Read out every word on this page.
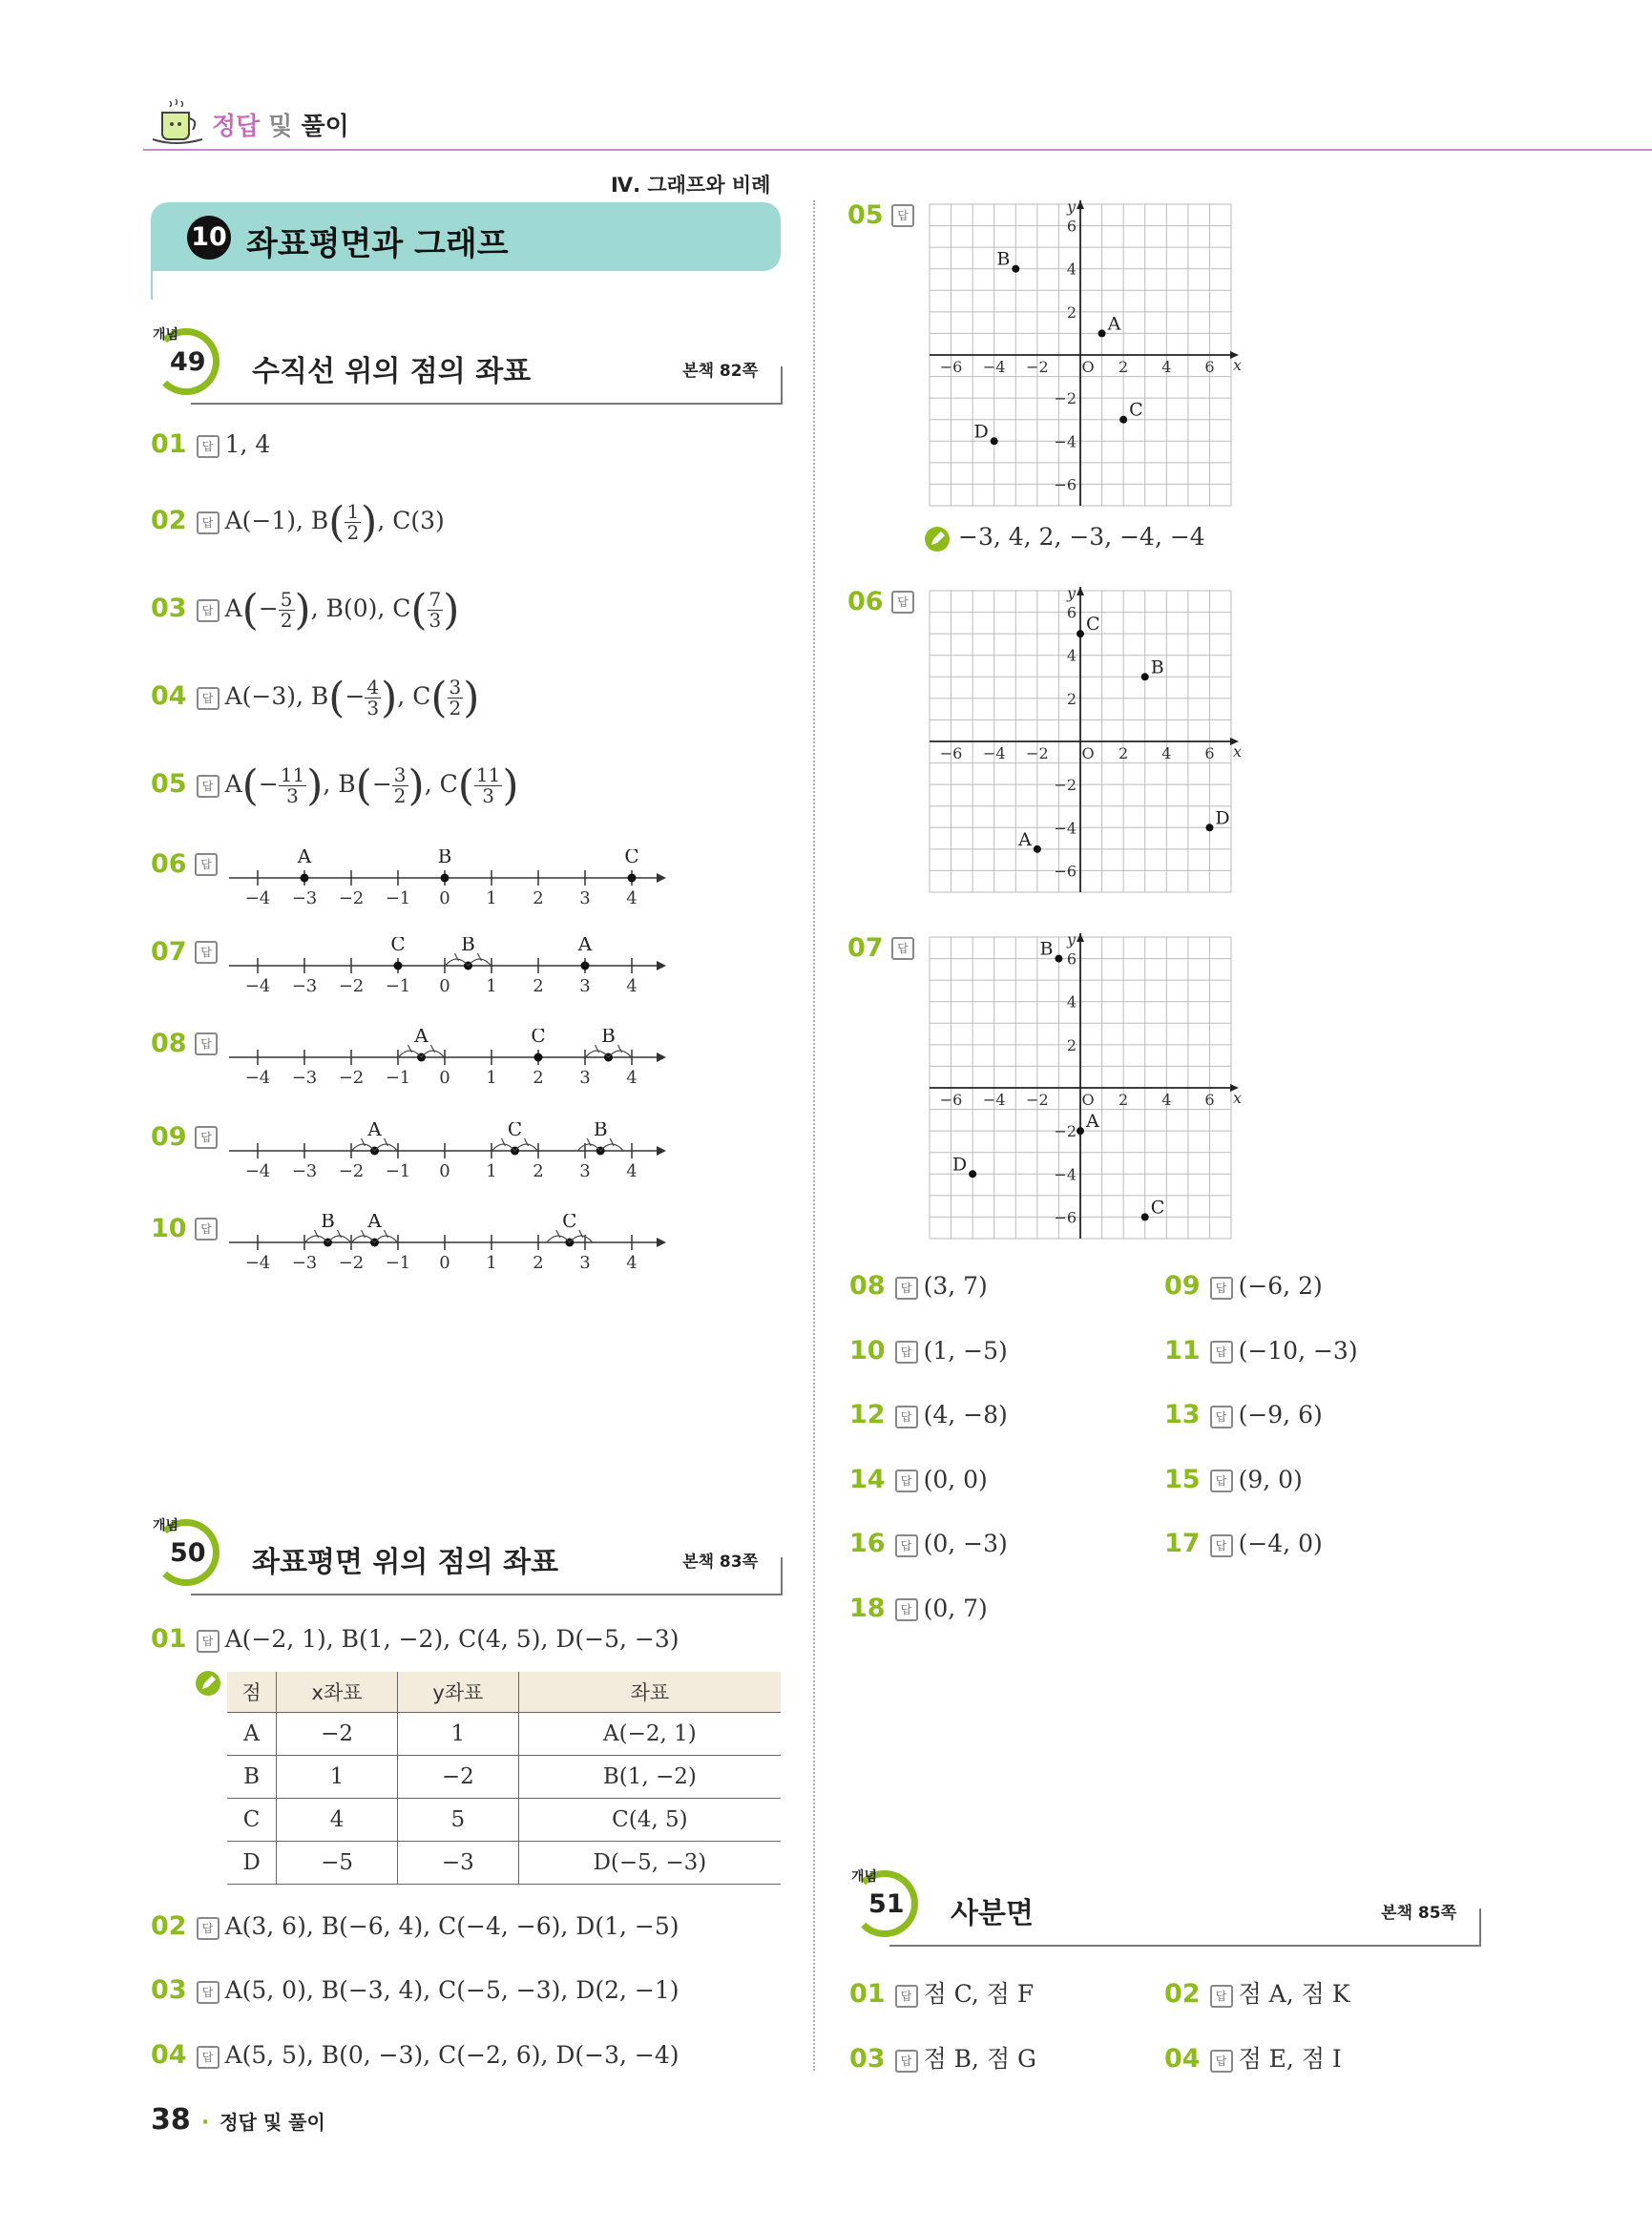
정답 및 풀이
Ⅳ. 그래프와 비례
10 좌표평면과 그래프
개념
49 수직선 위의 점의 좌표	본책 82쪽
01 답 1, 4
02 답 A(−1), $B( \frac{1}{2}$ ), C(3)
03 답 $A(- \frac{5}{2}$ ), B(0), $C( \frac{7}{3}$ )
04 답 A(−3), $B(- \frac{4}{3}$ ), $C( \frac{3}{2}$ )
05 답 $A(- \frac{11}{3}$ ), $B(- \frac{3}{2}$ ), $C( \frac{11}{3}$ )
06	답
−4 −3 −2 −1 0 1 2 3 4
A	B	C
07	답
−4 −3 −2 −1 0 1 2 3 4
C	B	A
08	답
−4 −3 −2 −1 0 1 2 3 4
A	C	B
09	답
−4 −3 −2 −1 0 1 2 3 4
A	C	B
10	답
−4 −3 −2 −1 0 1 2 3 4
B A	C
개념
50 좌표평면 위의 점의 좌표	본책 83쪽
01 답 A(−2, 1), B(1, −2), C(4, 5), D(−5, −3)
점	x좌표	y좌표	좌표
A	−2	1	A(−2, 1)
B	1	−2	B(1, −2)
C	4	5	C(4, 5)
D	−5	−3	D(−5, −3)
02 답 A(3, 6), B(−6, 4), C(−4, −6), D(1, −5)
03 답 A(5, 0), B(−3, 4), C(−5, −3), D(2, −1)
04 답 A(5, 5), B(0, −3), C(−2, 6), D(−3, −4)
05	답
−6 −4 −2 O 2 4 6
6
4
2
−2
−4
−6
x
y
A
B
C
D
06	답
−6 −4 −2 O 2 4 6
6
4
2
−2
−4
−6
x
y
A
B
C
D
07	답
−6 −4 −2 O 2 4 6
6
4
2
−2
−4
−6
x
y
A
B
C
D
−3, 4, 2, −3, −4, −4
08 답 (3, 7)	09 답 (−6, 2)
10 답 (1, −5)	11 답 (−10, −3)
12 답 (4, −8)	13 답 (−9, 6)
14 답 (0, 0)	15 답 (9, 0)
16 답 (0, −3)	17 답 (−4, 0)
18 답 (0, 7)
개념
51 사분면	본책 85쪽
01 답 점 C, 점 F	02 답 점 A, 점 K
03 답 점 B, 점 G	04 답 점 E, 점 I
38 · 정답 및 풀이
